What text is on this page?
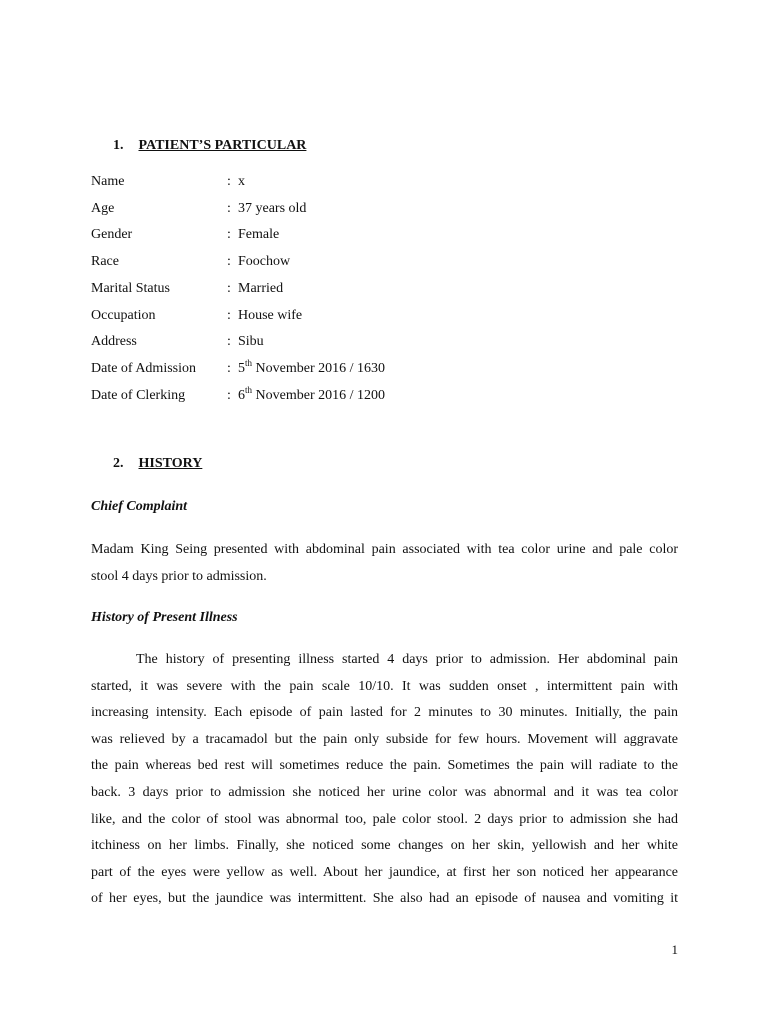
1. PATIENT’S PARTICULAR
Name	: x
Age	: 37 years old
Gender	: Female
Race	: Foochow
Marital Status	: Married
Occupation	: House wife
Address	: Sibu
Date of Admission : 5th November 2016 / 1630
Date of Clerking	: 6th November 2016 / 1200
2. HISTORY
Chief Complaint
Madam King Seing presented with abdominal pain associated with tea color urine and pale color
stool 4 days prior to admission.
History of Present Illness
The history of presenting illness started 4 days prior to admission. Her abdominal pain
started, it was severe with the pain scale 10/10. It was sudden onset , intermittent pain with
increasing intensity. Each episode of pain lasted for 2 minutes to 30 minutes. Initially, the pain
was relieved by a tracamadol but the pain only subside for few hours. Movement will aggravate
the pain whereas bed rest will sometimes reduce the pain. Sometimes the pain will radiate to the
back. 3 days prior to admission she noticed her urine color was abnormal and it was tea color
like, and the color of stool was abnormal too, pale color stool. 2 days prior to admission she had
itchiness on her limbs. Finally, she noticed some changes on her skin, yellowish and her white
part of the eyes were yellow as well. About her jaundice, at first her son noticed her appearance
of her eyes, but the jaundice was intermittent. She also had an episode of nausea and vomiting it
1
